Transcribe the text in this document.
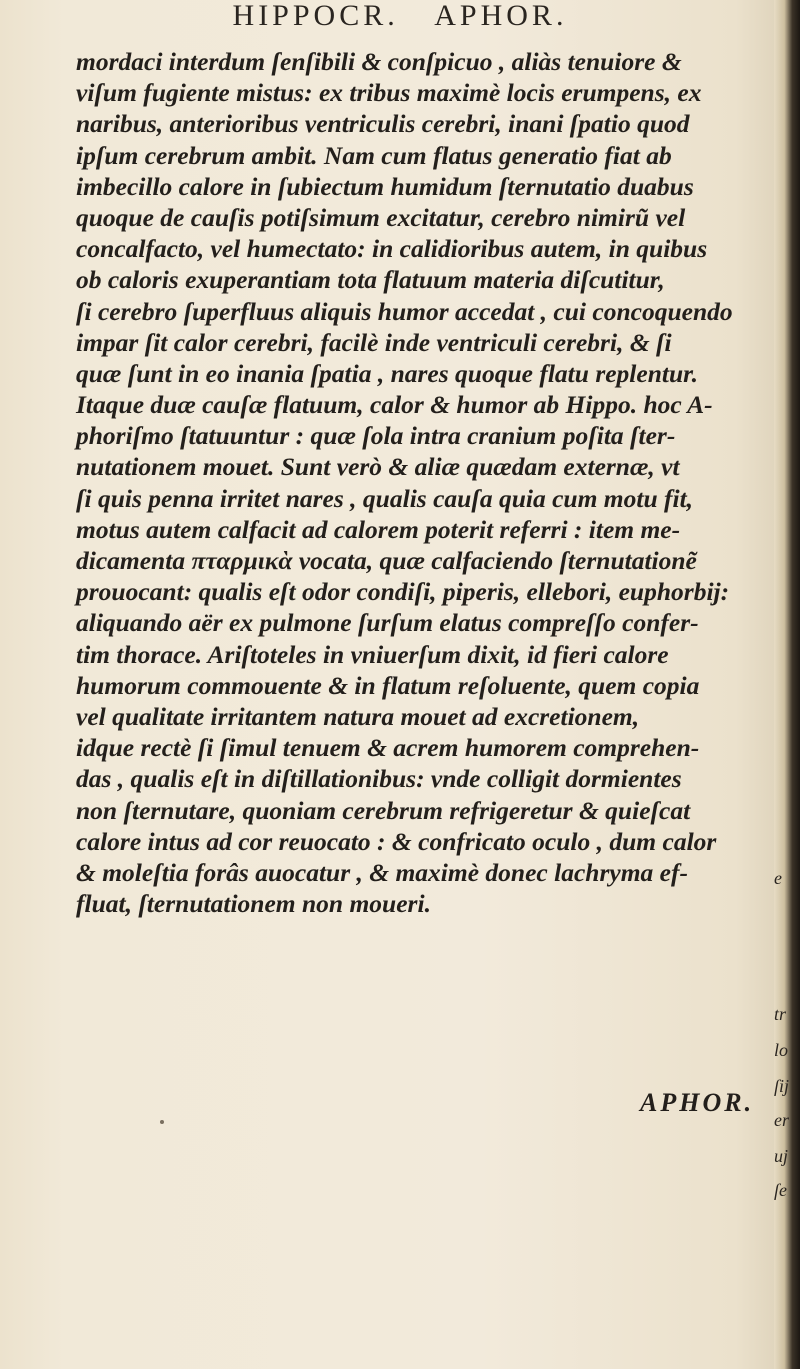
HIPPOCR. APHOR.
mordaci interdum ſenſibili & conſpicuo , aliàs tenuiore &
viſum fugiente mistus: ex tribus maximè locis erumpens, ex
naribus, anterioribus ventriculis cerebri, inani ſpatio quod
ipſum cerebrum ambit. Nam cum flatus generatio fiat ab
imbecillo calore in ſubiectum humidum ſternutatio duabus
quoque de cauſis potiſsimum excitatur, cerebro nimirũ vel
concalfacto, vel humectato: in calidioribus autem, in quibus
ob caloris exuperantiam tota flatuum materia diſcutitur,
ſi cerebro ſuperfluus aliquis humor accedat , cui concoquendo
impar ſit calor cerebri, facilè inde ventriculi cerebri, & ſi
quæ ſunt in eo inania ſpatia , nares quoque flatu replentur.
Itaque duæ cauſæ flatuum, calor & humor ab Hippo. hoc A-
phoriſmo ſtatuuntur : quæ ſola intra cranium poſita ſter-
nutationem mouet. Sunt verò & aliæ quædam externæ, vt
ſi quis penna irritet nares , qualis cauſa quia cum motu fit,
motus autem calfacit ad calorem poterit referri : item me-
dicamenta πταρμικὰ vocata, quæ calfaciendo ſternutationẽ
prouocant: qualis eſt odor condiſi, piperis, ellebori, euphorbij:
aliquando aër ex pulmone ſurſum elatus compreſſo confer-
tim thorace. Ariſtoteles in vniuerſum dixit, id fieri calore
humorum commouente & in flatum reſoluente, quem copia
vel qualitate irritantem natura mouet ad excretionem,
idque rectè ſi ſimul tenuem & acrem humorem comprehen-
das , qualis eſt in diſtillationibus: vnde colligit dormientes
non ſternutare, quoniam cerebrum refrigeretur & quieſcat
calore intus ad cor reuocato : & confricato oculo , dum calor
& moleſtia forâs auocatur , & maximè donec lachryma ef-
fluat, ſternutationem non moueri.
APHOR.
e
tr
lo
ſij
er
uj
ſe
